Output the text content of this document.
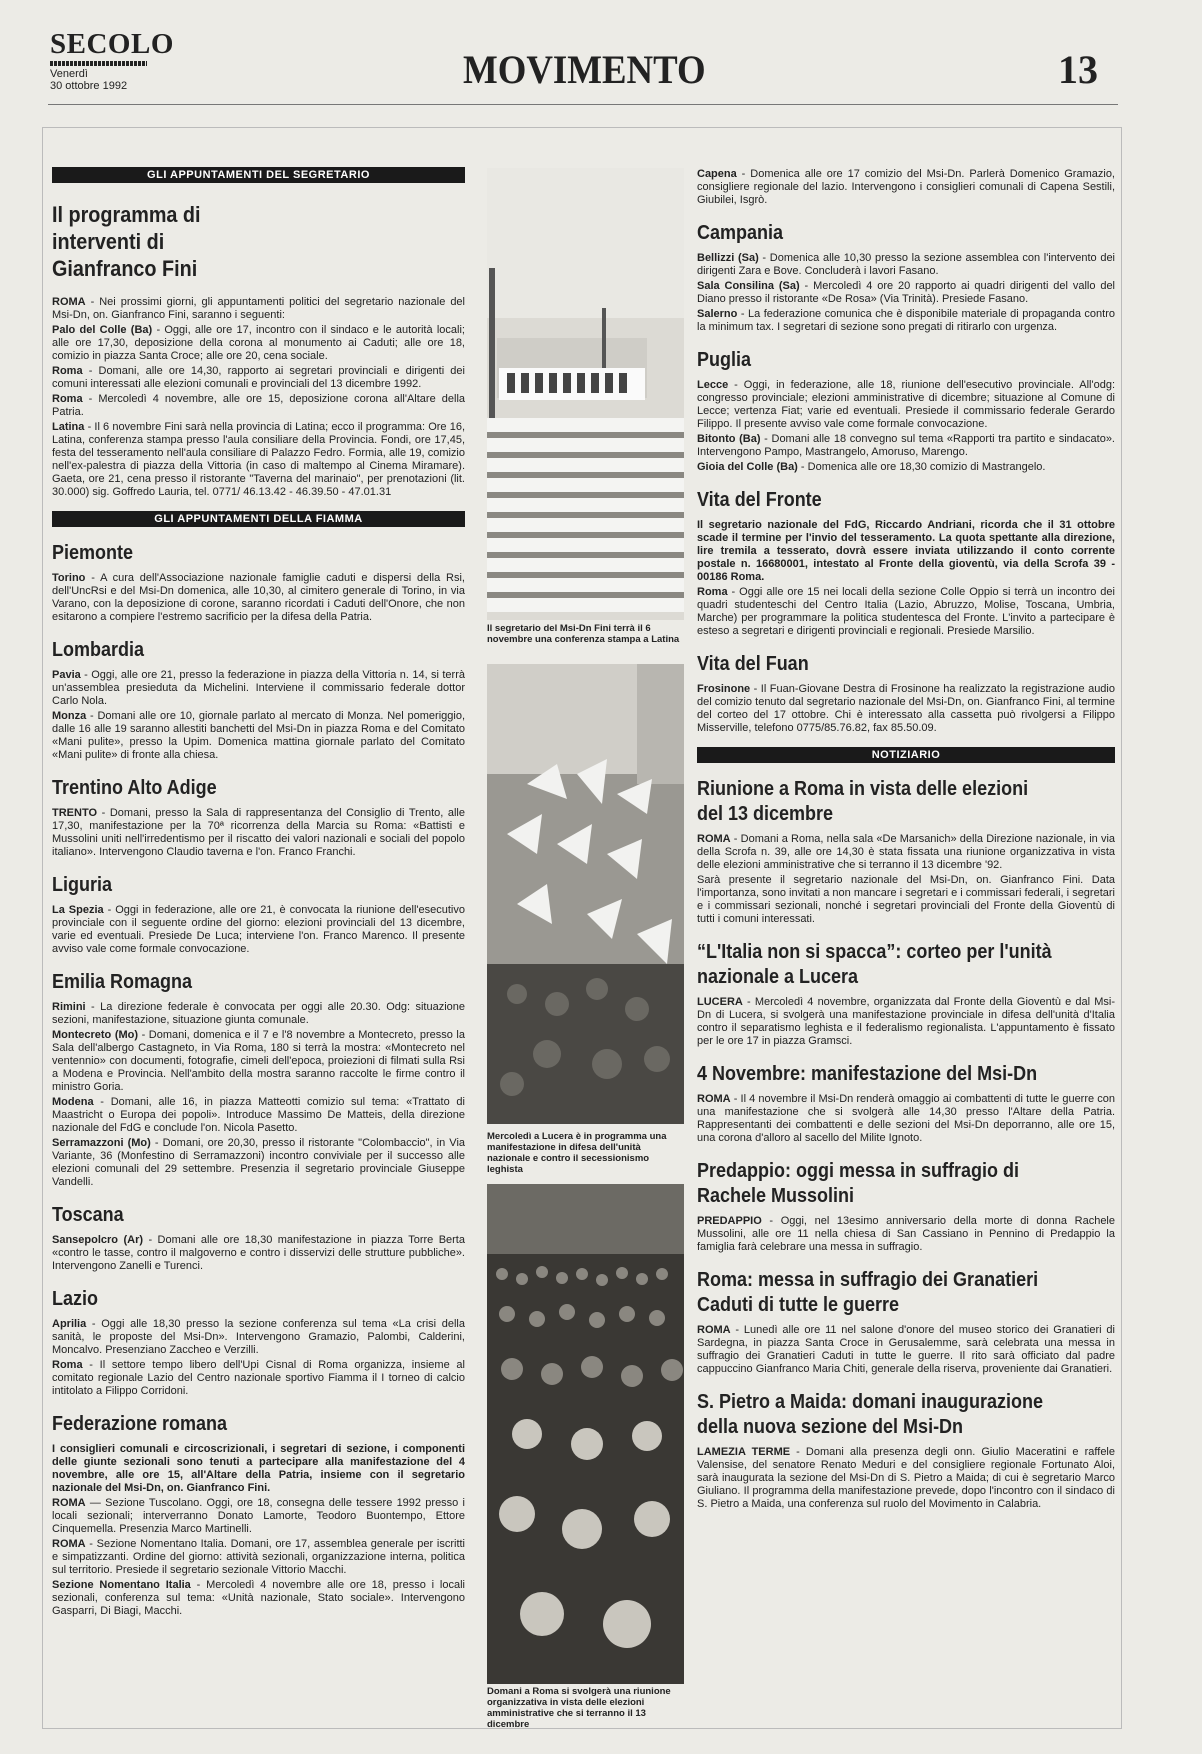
SECOLO
Venerdì
30 ottobre 1992	MOVIMENTO	13
GLI APPUNTAMENTI DEL SEGRETARIO
Il programma di interventi di Gianfranco Fini

ROMA - Nei prossimi giorni, gli appuntamenti politici del segretario nazionale del Msi-Dn, on. Gianfranco Fini, saranno i seguenti:

Palo del Colle (Ba) - Oggi, alle ore 17, incontro con il sindaco e le autorità locali; alle ore 17,30, deposizione della corona al monumento ai Caduti; alle ore 18, comizio in piazza Santa Croce; alle ore 20, cena sociale.

Roma - Domani, alle ore 14,30, rapporto ai segretari provinciali e dirigenti dei comuni interessati alle elezioni comunali e provinciali del 13 dicembre 1992.

Roma - Mercoledì 4 novembre, alle ore 15, deposizione corona all'Altare della Patria.

Latina - Il 6 novembre Fini sarà nella provincia di Latina; ecco il programma: Ore 16, Latina, conferenza stampa presso l'aula consiliare della Provincia. Fondi, ore 17,45, festa del tesseramento nell'aula consiliare di Palazzo Fedro. Formia, alle 19, comizio nell'ex-palestra di piazza della Vittoria (in caso di maltempo al Cinema Miramare). Gaeta, ore 21, cena presso il ristorante "Taverna del marinaio", per prenotazioni (lit. 30.000) sig. Goffredo Lauria, tel. 0771/ 46.13.42 - 46.39.50 - 47.01.31

GLI APPUNTAMENTI DELLA FIAMMA
Piemonte

Torino - A cura dell'Associazione nazionale famiglie caduti e dispersi della Rsi, dell'UncRsi e del Msi-Dn domenica, alle 10,30, al cimitero generale di Torino, in via Varano, con la deposizione di corone, saranno ricordati i Caduti dell'Onore, che non esitarono a compiere l'estremo sacrificio per la difesa della Patria.

Lombardia

Pavia - Oggi, alle ore 21, presso la federazione in piazza della Vittoria n. 14, si terrà un'assemblea presieduta da Michelini. Interviene il commissario federale dottor Carlo Nola.

Monza - Domani alle ore 10, giornale parlato al mercato di Monza. Nel pomeriggio, dalle 16 alle 19 saranno allestiti banchetti del Msi-Dn in piazza Roma e del Comitato «Mani pulite», presso la Upim. Domenica mattina giornale parlato del Comitato «Mani pulite» di fronte alla chiesa.

Trentino Alto Adige

TRENTO - Domani, presso la Sala di rappresentanza del Consiglio di Trento, alle 17,30, manifestazione per la 70ª ricorrenza della Marcia su Roma: «Battisti e Mussolini uniti nell'irredentismo per il riscatto dei valori nazionali e sociali del popolo italiano». Intervengono Claudio taverna e l'on. Franco Franchi.

Liguria

La Spezia - Oggi in federazione, alle ore 21, è convocata la riunione dell'esecutivo provinciale con il seguente ordine del giorno: elezioni provinciali del 13 dicembre, varie ed eventuali. Presiede De Luca; interviene l'on. Franco Marenco. Il presente avviso vale come formale convocazione.

Emilia Romagna

Rimini - La direzione federale è convocata per oggi alle 20.30. Odg: situazione sezioni, manifestazione, situazione giunta comunale.

Montecreto (Mo) - Domani, domenica e il 7 e l'8 novembre a Montecreto, presso la Sala dell'albergo Castagneto, in Via Roma, 180 si terrà la mostra: «Montecreto nel ventennio» con documenti, fotografie, cimeli dell'epoca, proiezioni di filmati sulla Rsi a Modena e Provincia. Nell'ambito della mostra saranno raccolte le firme contro il ministro Goria.

Modena - Domani, alle 16, in piazza Matteotti comizio sul tema: «Trattato di Maastricht o Europa dei popoli». Introduce Massimo De Matteis, della direzione nazionale del FdG e conclude l'on. Nicola Pasetto.

Serramazzoni (Mo) - Domani, ore 20,30, presso il ristorante "Colombaccio", in Via Variante, 36 (Monfestino di Serramazzoni) incontro conviviale per il successo alle elezioni comunali del 29 settembre. Presenzia il segretario provinciale Giuseppe Vandelli.

Toscana

Sansepolcro (Ar) - Domani alle ore 18,30 manifestazione in piazza Torre Berta «contro le tasse, contro il malgoverno e contro i disservizi delle strutture pubbliche». Intervengono Zanelli e Turenci.

Lazio

Aprilia - Oggi alle 18,30 presso la sezione conferenza sul tema «La crisi della sanità, le proposte del Msi-Dn». Intervengono Gramazio, Palombi, Calderini, Moncalvo. Presenziano Zaccheo e Verzilli.

Roma - Il settore tempo libero dell'Upi Cisnal di Roma organizza, insieme al comitato regionale Lazio del Centro nazionale sportivo Fiamma il I torneo di calcio intitolato a Filippo Corridoni.

Federazione romana

I consiglieri comunali e circoscrizionali, i segretari di sezione, i componenti delle giunte sezionali sono tenuti a partecipare alla manifestazione del 4 novembre, alle ore 15, all'Altare della Patria, insieme con il segretario nazionale del Msi-Dn, on. Gianfranco Fini.

ROMA — Sezione Tuscolano. Oggi, ore 18, consegna delle tessere 1992 presso i locali sezionali; interverranno Donato Lamorte, Teodoro Buontempo, Ettore Cinquemella. Presenzia Marco Martinelli.

ROMA - Sezione Nomentano Italia. Domani, ore 17, assemblea generale per iscritti e simpatizzanti. Ordine del giorno: attività sezionali, organizzazione interna, politica sul territorio. Presiede il segretario sezionale Vittorio Macchi.

Sezione Nomentano Italia - Mercoledì 4 novembre alle ore 18, presso i locali sezionali, conferenza sul tema: «Unità nazionale, Stato sociale». Intervengono Gasparri, Di Biagi, Macchi.

Il segretario del Msi-Dn Fini terrà il 6 novembre una conferenza stampa a Latina
Mercoledì a Lucera è in programma una manifestazione in difesa dell'unità nazionale e contro il secessionismo leghista
Domani a Roma si svolgerà una riunione organizzativa in vista delle elezioni amministrative che si terranno il 13 dicembre

Capena - Domenica alle ore 17 comizio del Msi-Dn. Parlerà Domenico Gramazio, consigliere regionale del lazio. Intervengono i consiglieri comunali di Capena Sestili, Giubilei, Isgrò.

Campania

Bellizzi (Sa) - Domenica alle 10,30 presso la sezione assemblea con l'intervento dei dirigenti Zara e Bove. Concluderà i lavori Fasano.

Sala Consilina (Sa) - Mercoledì 4 ore 20 rapporto ai quadri dirigenti del vallo del Diano presso il ristorante «De Rosa» (Via Trinità). Presiede Fasano.

Salerno - La federazione comunica che è disponibile materiale di propaganda contro la minimum tax. I segretari di sezione sono pregati di ritirarlo con urgenza.

Puglia

Lecce - Oggi, in federazione, alle 18, riunione dell'esecutivo provinciale. All'odg: congresso provinciale; elezioni amministrative di dicembre; situazione al Comune di Lecce; vertenza Fiat; varie ed eventuali. Presiede il commissario federale Gerardo Filippo. Il presente avviso vale come formale convocazione.

Bitonto (Ba) - Domani alle 18 convegno sul tema «Rapporti tra partito e sindacato». Intervengono Pampo, Mastrangelo, Amoruso, Marengo.

Gioia del Colle (Ba) - Domenica alle ore 18,30 comizio di Mastrangelo.

Vita del Fronte

Il segretario nazionale del FdG, Riccardo Andriani, ricorda che il 31 ottobre scade il termine per l'invio del tesseramento. La quota spettante alla direzione, lire tremila a tesserato, dovrà essere inviata utilizzando il conto corrente postale n. 16680001, intestato al Fronte della gioventù, via della Scrofa 39 - 00186 Roma.

Roma - Oggi alle ore 15 nei locali della sezione Colle Oppio si terrà un incontro dei quadri studenteschi del Centro Italia (Lazio, Abruzzo, Molise, Toscana, Umbria, Marche) per programmare la politica studentesca del Fronte. L'invito a partecipare è esteso a segretari e dirigenti provinciali e regionali. Presiede Marsilio.

Vita del Fuan

Frosinone - Il Fuan-Giovane Destra di Frosinone ha realizzato la registrazione audio del comizio tenuto dal segretario nazionale del Msi-Dn, on. Gianfranco Fini, al termine del corteo del 17 ottobre. Chi è interessato alla cassetta può rivolgersi a Filippo Misserville, telefono 0775/85.76.82, fax 85.50.09.

NOTIZIARIO
Riunione a Roma in vista delle elezioni del 13 dicembre

ROMA - Domani a Roma, nella sala «De Marsanich» della Direzione nazionale, in via della Scrofa n. 39, alle ore 14,30 è stata fissata una riunione organizzativa in vista delle elezioni amministrative che si terranno il 13 dicembre '92.

Sarà presente il segretario nazionale del Msi-Dn, on. Gianfranco Fini. Data l'importanza, sono invitati a non mancare i segretari e i commissari federali, i segretari e i commissari sezionali, nonché i segretari provinciali del Fronte della Gioventù di tutti i comuni interessati.

“L'Italia non si spacca”: corteo per l'unità nazionale a Lucera

LUCERA - Mercoledì 4 novembre, organizzata dal Fronte della Gioventù e dal Msi-Dn di Lucera, si svolgerà una manifestazione provinciale in difesa dell'unità d'Italia contro il separatismo leghista e il federalismo regionalista. L'appuntamento è fissato per le ore 17 in piazza Gramsci.

4 Novembre: manifestazione del Msi-Dn

ROMA - Il 4 novembre il Msi-Dn renderà omaggio ai combattenti di tutte le guerre con una manifestazione che si svolgerà alle 14,30 presso l'Altare della Patria. Rappresentanti dei combattenti e delle sezioni del Msi-Dn deporranno, alle ore 15, una corona d'alloro al sacello del Milite Ignoto.

Predappio: oggi messa in suffragio di Rachele Mussolini

PREDAPPIO - Oggi, nel 13esimo anniversario della morte di donna Rachele Mussolini, alle ore 11 nella chiesa di San Cassiano in Pennino di Predappio la famiglia farà celebrare una messa in suffragio.

Roma: messa in suffragio dei Granatieri Caduti di tutte le guerre

ROMA - Lunedì alle ore 11 nel salone d'onore del museo storico dei Granatieri di Sardegna, in piazza Santa Croce in Gerusalemme, sarà celebrata una messa in suffragio dei Granatieri Caduti in tutte le guerre. Il rito sarà officiato dal padre cappuccino Gianfranco Maria Chiti, generale della riserva, proveniente dai Granatieri.

S. Pietro a Maida: domani inaugurazione della nuova sezione del Msi-Dn

LAMEZIA TERME - Domani alla presenza degli onn. Giulio Maceratini e raffele Valensise, del senatore Renato Meduri e del consigliere regionale Fortunato Aloi, sarà inaugurata la sezione del Msi-Dn di S. Pietro a Maida; di cui è segretario Marco Giuliano. Il programma della manifestazione prevede, dopo l'incontro con il sindaco di S. Pietro a Maida, una conferenza sul ruolo del Movimento in Calabria.
